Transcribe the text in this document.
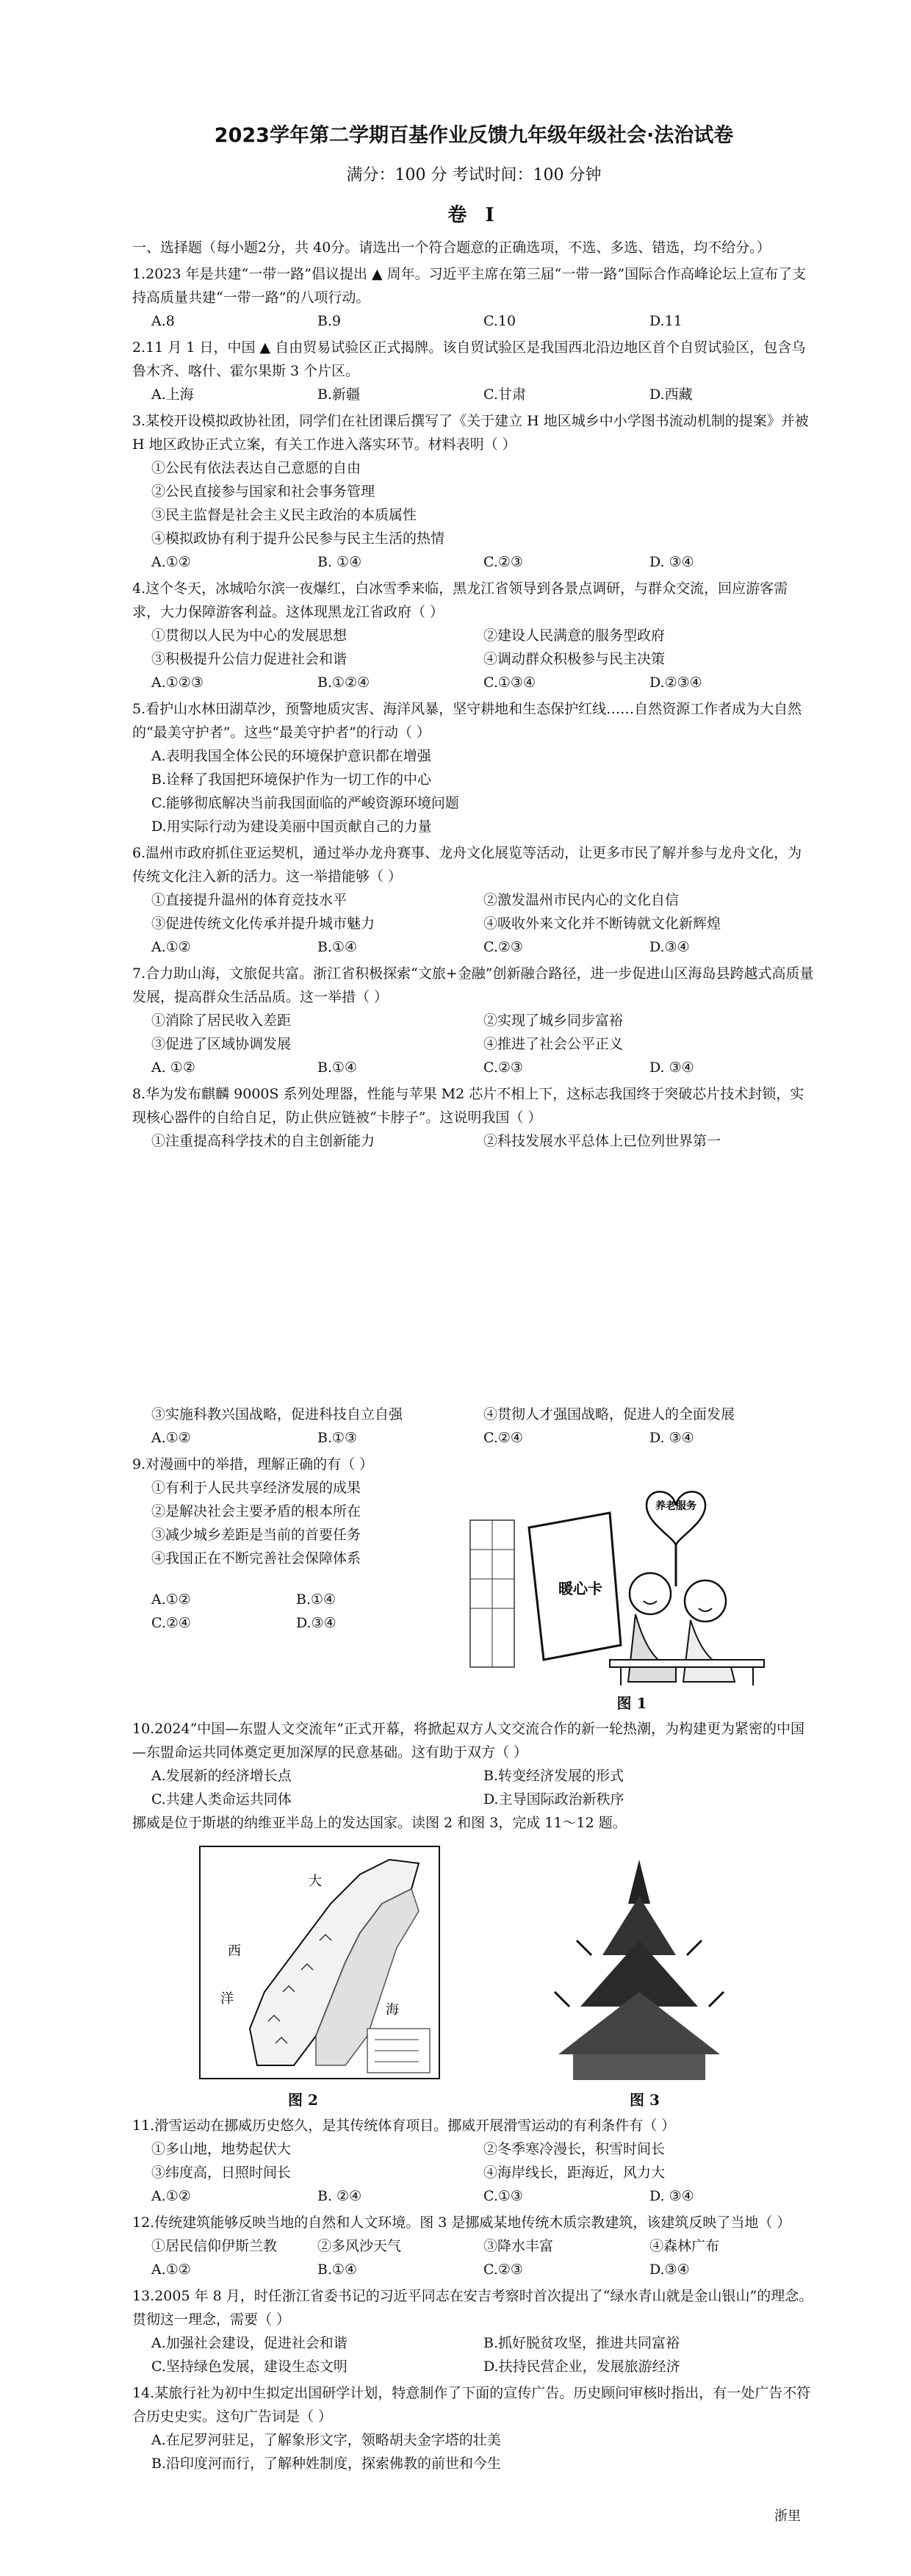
2023学年第二学期百基作业反馈九年级年级社会·法治试卷
满分：100 分 考试时间：100 分钟
卷 Ⅰ

一、选择题（每小题2分，共 40分。请选出一个符合题意的正确选项，不选、多选、错选，均不给分。）

1.2023 年是共建“一带一路”倡议提出 ▲ 周年。习近平主席在第三届“一带一路”国际合作高峰论坛上宣布了支持高质量共建“一带一路”的八项行动。

A.8	B.9	C.10	D.11

2.11 月 1 日，中国 ▲ 自由贸易试验区正式揭牌。该自贸试验区是我国西北沿边地区首个自贸试验区，包含乌鲁木齐、喀什、霍尔果斯 3 个片区。

A.上海	B.新疆	C.甘肃	D.西藏

3.某校开设模拟政协社团，同学们在社团课后撰写了《关于建立 H 地区城乡中小学图书流动机制的提案》并被 H 地区政协正式立案，有关工作进入落实环节。材料表明（ ）

①公民有依法表达自己意愿的自由
②公民直接参与国家和社会事务管理
③民主监督是社会主义民主政治的本质属性
④模拟政协有利于提升公民参与民主生活的热情
A.①②	B. ①④	C.②③	D. ③④

4.这个冬天，冰城哈尔滨一夜爆红，白冰雪季来临，黑龙江省领导到各景点调研，与群众交流，回应游客需求，大力保障游客利益。这体现黑龙江省政府（ ）

①贯彻以人民为中心的发展思想	②建设人民满意的服务型政府
③积极提升公信力促进社会和谐	④调动群众积极参与民主决策
A.①②③	B.①②④	C.①③④	D.②③④

5.看护山水林田湖草沙，预警地质灾害、海洋风暴，坚守耕地和生态保护红线……自然资源工作者成为大自然的“最美守护者”。这些“最美守护者”的行动（ ）

A.表明我国全体公民的环境保护意识都在增强
B.诠释了我国把环境保护作为一切工作的中心
C.能够彻底解决当前我国面临的严峻资源环境问题
D.用实际行动为建设美丽中国贡献自己的力量

6.温州市政府抓住亚运契机，通过举办龙舟赛事、龙舟文化展览等活动，让更多市民了解并参与龙舟文化，为传统文化注入新的活力。这一举措能够（ ）

①直接提升温州的体育竞技水平	②激发温州市民内心的文化自信
③促进传统文化传承并提升城市魅力	④吸收外来文化并不断铸就文化新辉煌
A.①②	B.①④	C.②③	D.③④

7.合力助山海，文旅促共富。浙江省积极探索“文旅+金融”创新融合路径，进一步促进山区海岛县跨越式高质量发展，提高群众生活品质。这一举措（ ）

①消除了居民收入差距	②实现了城乡同步富裕
③促进了区域协调发展	④推进了社会公平正义
A. ①②	B.①④	C.②③	D. ③④

8.华为发布麒麟 9000S 系列处理器，性能与苹果 M2 芯片不相上下，这标志我国终于突破芯片技术封锁，实现核心器件的自给自足，防止供应链被“卡脖子”。这说明我国（ ）

①注重提高科学技术的自主创新能力	②科技发展水平总体上已位列世界第一
③实施科教兴国战略，促进科技自立自强	④贯彻人才强国战略，促进人的全面发展
A.①②	B.①③	C.②④	D. ③④

9.对漫画中的举措，理解正确的有（ ）

①有利于人民共享经济发展的成果
②是解决社会主要矛盾的根本所在
③减少城乡差距是当前的首要任务
④我国正在不断完善社会保障体系
A.①②	B.①④
C.②④	D.③④
暖心卡
养老服务
图 1

10.2024“中国—东盟人文交流年”正式开幕，将掀起双方人文交流合作的新一轮热潮，为构建更为紧密的中国—东盟命运共同体奠定更加深厚的民意基础。这有助于双方（ ）

A.发展新的经济增长点	B.转变经济发展的形式
C.共建人类命运共同体	D.主导国际政治新秩序

挪威是位于斯堪的纳维亚半岛上的发达国家。读图 2 和图 3，完成 11～12 题。

大
西
洋
海
图 2	图 3

11.滑雪运动在挪威历史悠久，是其传统体育项目。挪威开展滑雪运动的有利条件有（ ）

①多山地，地势起伏大	②冬季寒冷漫长，积雪时间长
③纬度高，日照时间长	④海岸线长，距海近，风力大
A.①②	B. ②④	C.①③	D. ③④

12.传统建筑能够反映当地的自然和人文环境。图 3 是挪威某地传统木质宗教建筑，该建筑反映了当地（ ）

①居民信仰伊斯兰教	②多风沙天气	③降水丰富	④森林广布
A.①②	B.①④	C.②③	D.③④

13.2005 年 8 月，时任浙江省委书记的习近平同志在安吉考察时首次提出了“绿水青山就是金山银山”的理念。贯彻这一理念，需要（ ）

A.加强社会建设，促进社会和谐	B.抓好脱贫攻坚，推进共同富裕
C.坚持绿色发展，建设生态文明	D.扶持民营企业，发展旅游经济

14.某旅行社为初中生拟定出国研学计划，特意制作了下面的宣传广告。历史顾问审核时指出，有一处广告不符合历史史实。这句广告词是（ ）

A.在尼罗河驻足，了解象形文字，领略胡夫金字塔的壮美
B.沿印度河而行，了解种姓制度，探索佛教的前世和今生
浙里
